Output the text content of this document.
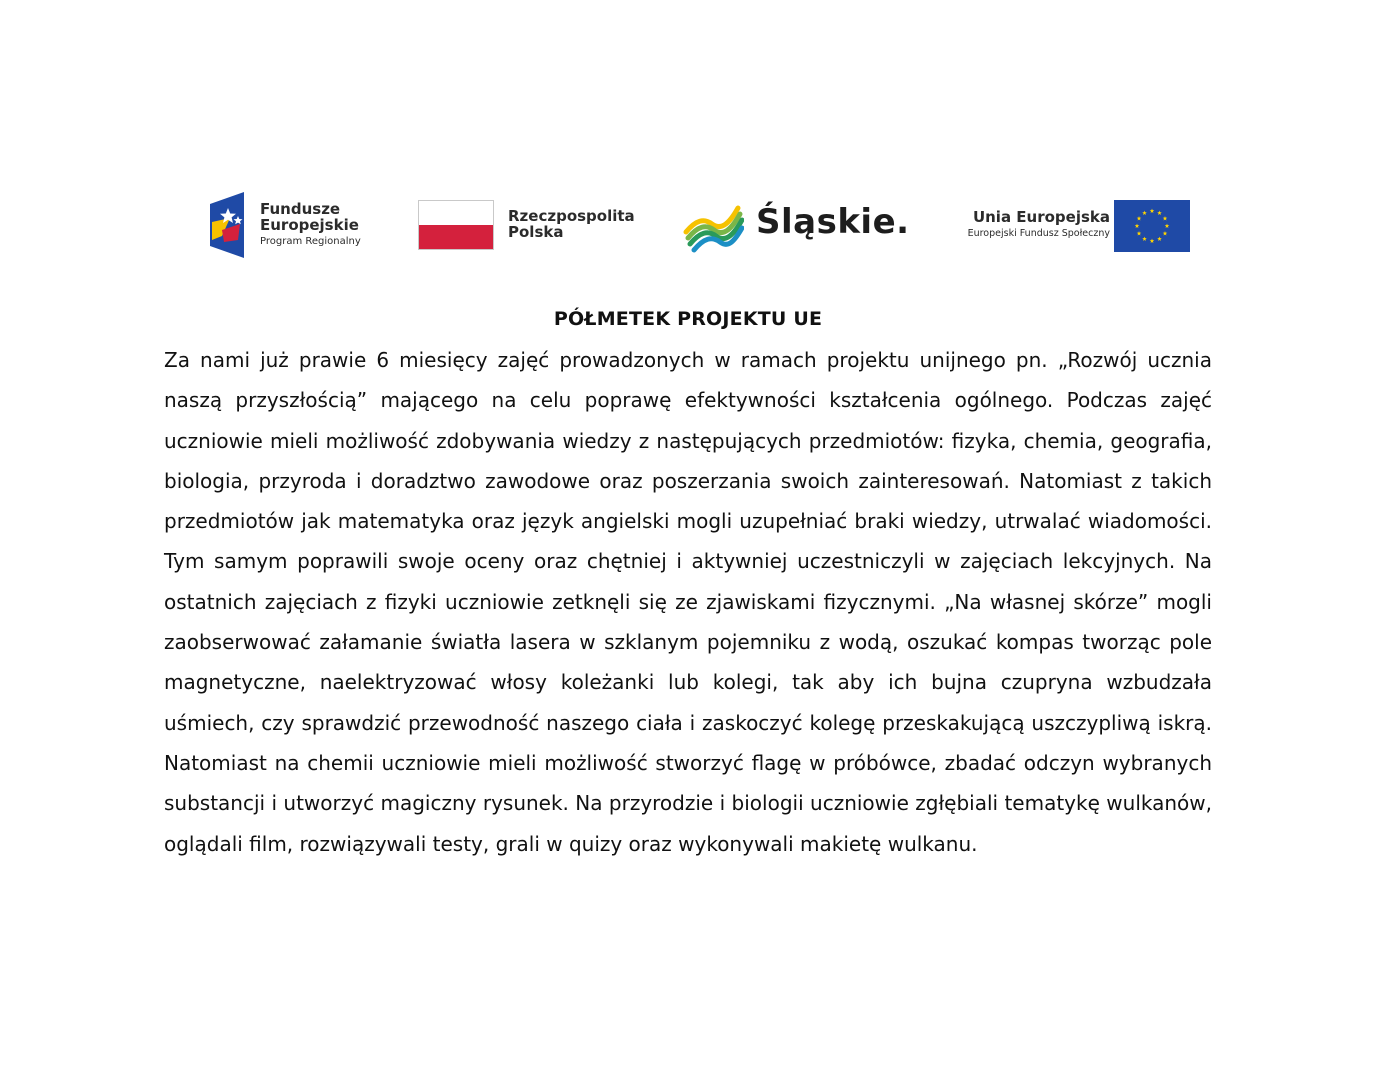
Fundusze
Europejskie
Program Regionalny
Rzeczpospolita
Polska	Śląskie.	Unia Europejska
Europejski Fundusz Społeczny
PÓŁMETEK PROJEKTU UE

Za nami już prawie 6 miesięcy zajęć prowadzonych w ramach projektu unijnego pn. „Rozwój ucznia naszą przyszłością” mającego na celu poprawę efektywności kształcenia ogólnego. Podczas zajęć uczniowie mieli możliwość zdobywania wiedzy z następujących przedmiotów: fizyka, chemia, geografia, biologia, przyroda i doradztwo zawodowe oraz poszerzania swoich zainteresowań. Natomiast z takich przedmiotów jak matematyka oraz język angielski mogli uzupełniać braki wiedzy, utrwalać wiadomości. Tym samym poprawili swoje oceny oraz chętniej i aktywniej uczestniczyli w zajęciach lekcyjnych. Na ostatnich zajęciach z fizyki uczniowie zetknęli się ze zjawiskami fizycznymi. „Na własnej skórze” mogli zaobserwować załamanie światła lasera w szklanym pojemniku z wodą, oszukać kompas tworząc pole magnetyczne, naelektryzować włosy koleżanki lub kolegi, tak aby ich bujna czupryna wzbudzała uśmiech, czy sprawdzić przewodność naszego ciała i zaskoczyć kolegę przeskakującą uszczypliwą iskrą. Natomiast na chemii uczniowie mieli możliwość stworzyć flagę w próbówce, zbadać odczyn wybranych substancji i utworzyć magiczny rysunek. Na przyrodzie i biologii uczniowie zgłębiali tematykę wulkanów, oglądali film, rozwiązywali testy, grali w quizy oraz wykonywali makietę wulkanu.
